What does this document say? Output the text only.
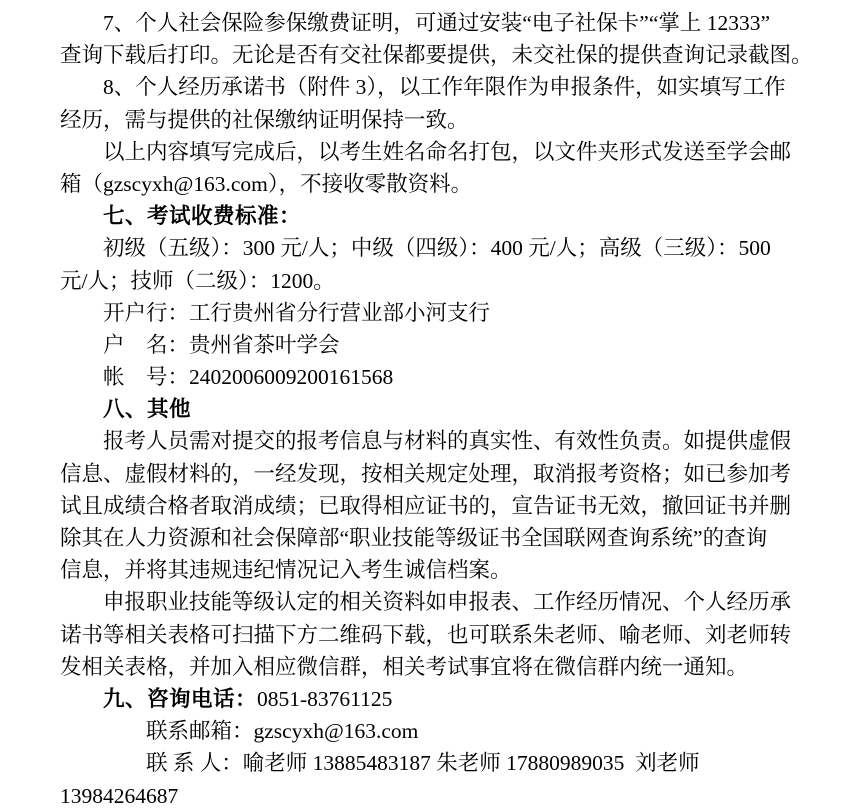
7、个人社会保险参保缴费证明，可通过安装“电子社保卡”“掌上 12333”
查询下载后打印。无论是否有交社保都要提供，未交社保的提供查询记录截图。
8、个人经历承诺书（附件 3），以工作年限作为申报条件，如实填写工作
经历，需与提供的社保缴纳证明保持一致。
以上内容填写完成后，以考生姓名命名打包，以文件夹形式发送至学会邮
箱（gzscyxh@163.com），不接收零散资料。
七、考试收费标准：
初级（五级）：300 元/人；中级（四级）：400 元/人；高级（三级）：500
元/人；技师（二级）：1200。
开户行：工行贵州省分行营业部小河支行
户　名：贵州省茶叶学会
帐　号：2402006009200161568
八、其他
报考人员需对提交的报考信息与材料的真实性、有效性负责。如提供虚假
信息、虚假材料的，一经发现，按相关规定处理，取消报考资格；如已参加考
试且成绩合格者取消成绩；已取得相应证书的，宣告证书无效，撤回证书并删
除其在人力资源和社会保障部“职业技能等级证书全国联网查询系统”的查询
信息，并将其违规违纪情况记入考生诚信档案。
申报职业技能等级认定的相关资料如申报表、工作经历情况、个人经历承
诺书等相关表格可扫描下方二维码下载，也可联系朱老师、喻老师、刘老师转
发相关表格，并加入相应微信群，相关考试事宜将在微信群内统一通知。
九、咨询电话：0851-83761125
联系邮箱：gzscyxh@163.com
联 系 人：喻老师 13885483187 朱老师 17880989035  刘老师
13984264687
